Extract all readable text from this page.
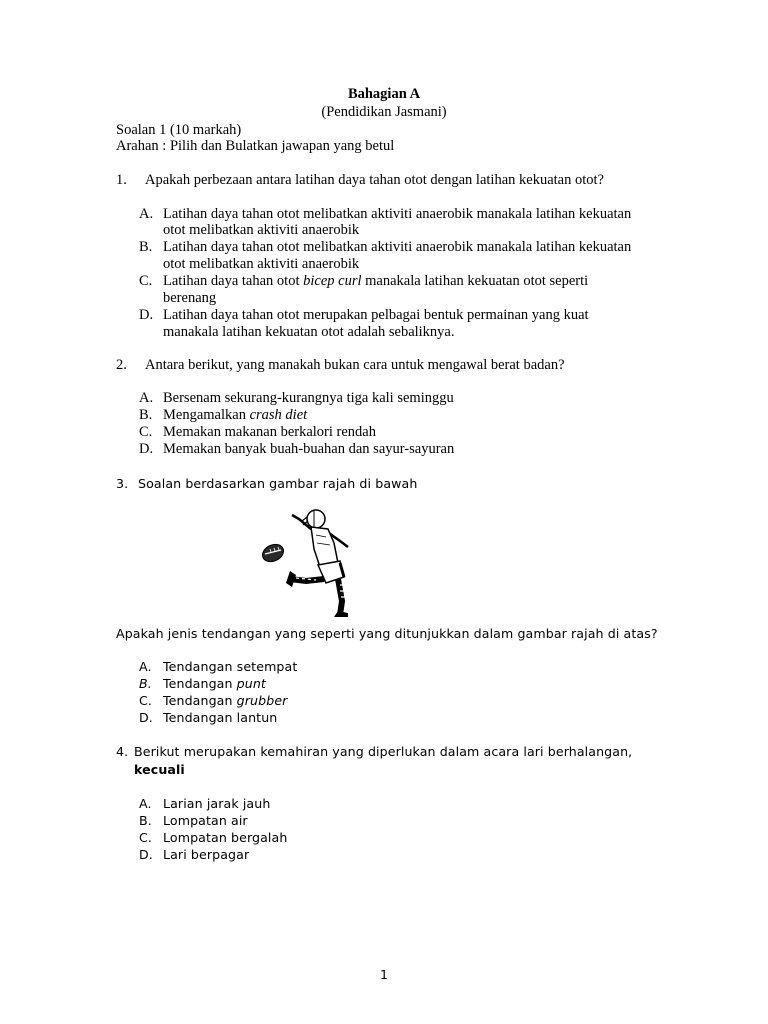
Bahagian A
(Pendidikan Jasmani)
Soalan 1 (10 markah)
Arahan : Pilih dan Bulatkan jawapan yang betul
1. Apakah perbezaan antara latihan daya tahan otot dengan latihan kekuatan otot?
A. Latihan daya tahan otot melibatkan aktiviti anaerobik manakala latihan kekuatan
otot melibatkan aktiviti anaerobik
B. Latihan daya tahan otot melibatkan aktiviti anaerobik manakala latihan kekuatan
otot melibatkan aktiviti anaerobik
C. Latihan daya tahan otot bicep curl manakala latihan kekuatan otot seperti
berenang
D. Latihan daya tahan otot merupakan pelbagai bentuk permainan yang kuat
manakala latihan kekuatan otot adalah sebaliknya.
2. Antara berikut, yang manakah bukan cara untuk mengawal berat badan?
A. Bersenam sekurang-kurangnya tiga kali seminggu
B. Mengamalkan crash diet
C. Memakan makanan berkalori rendah
D. Memakan banyak buah-buahan dan sayur-sayuran
3. Soalan berdasarkan gambar rajah di bawah
Apakah jenis tendangan yang seperti yang ditunjukkan dalam gambar rajah di atas?
A. Tendangan setempat
B. Tendangan punt
C. Tendangan grubber
D. Tendangan lantun
4. Berikut merupakan kemahiran yang diperlukan dalam acara lari berhalangan,
kecuali
A. Larian jarak jauh
B. Lompatan air
C. Lompatan bergalah
D. Lari berpagar
1
